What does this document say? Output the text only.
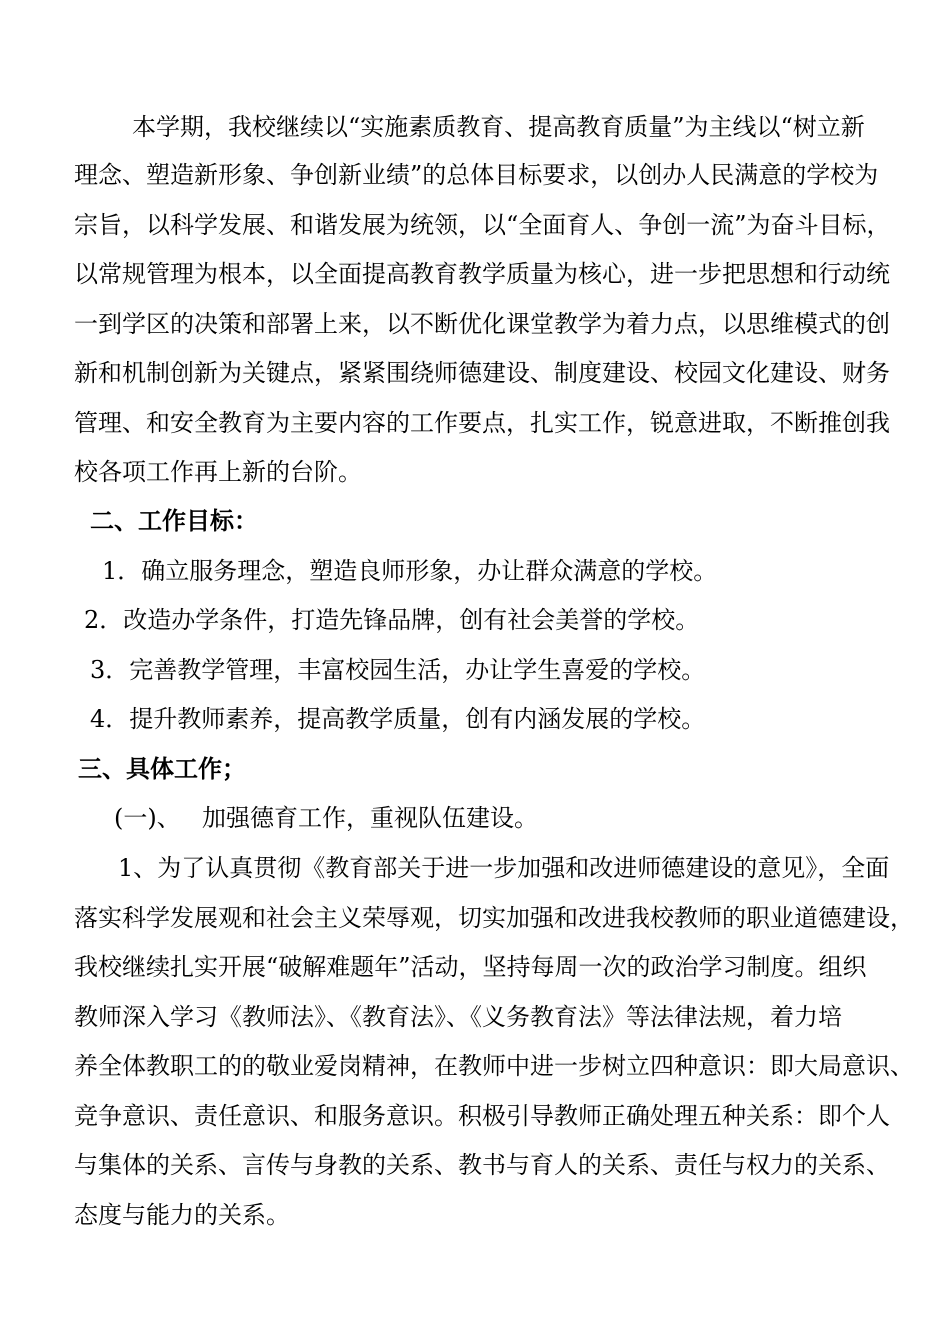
本学期，我校继续以“实施素质教育、提高教育质量”为主线以“树立新
理念、塑造新形象、争创新业绩”的总体目标要求，以创办人民满意的学校为
宗旨，以科学发展、和谐发展为统领，以“全面育人、争创一流”为奋斗目标，
以常规管理为根本，以全面提高教育教学质量为核心，进一步把思想和行动统
一到学区的决策和部署上来，以不断优化课堂教学为着力点，以思维模式的创
新和机制创新为关键点，紧紧围绕师德建设、制度建设、校园文化建设、财务
管理、和安全教育为主要内容的工作要点，扎实工作，锐意进取，不断推创我
校各项工作再上新的台阶。
二、工作目标：
1．确立服务理念，塑造良师形象，办让群众满意的学校。
2．改造办学条件，打造先锋品牌，创有社会美誉的学校。
3．完善教学管理，丰富校园生活，办让学生喜爱的学校。
4．提升教师素养，提高教学质量，创有内涵发展的学校。
三、具体工作；
(一)、 加强德育工作，重视队伍建设。
1、为了认真贯彻《教育部关于进一步加强和改进师德建设的意见》，全面
落实科学发展观和社会主义荣辱观，切实加强和改进我校教师的职业道德建设，
我校继续扎实开展“破解难题年”活动，坚持每周一次的政治学习制度。组织
教师深入学习《教师法》、《教育法》、《义务教育法》等法律法规，着力培
养全体教职工的的敬业爱岗精神，在教师中进一步树立四种意识：即大局意识、
竞争意识、责任意识、和服务意识。积极引导教师正确处理五种关系：即个人
与集体的关系、言传与身教的关系、教书与育人的关系、责任与权力的关系、
态度与能力的关系。
